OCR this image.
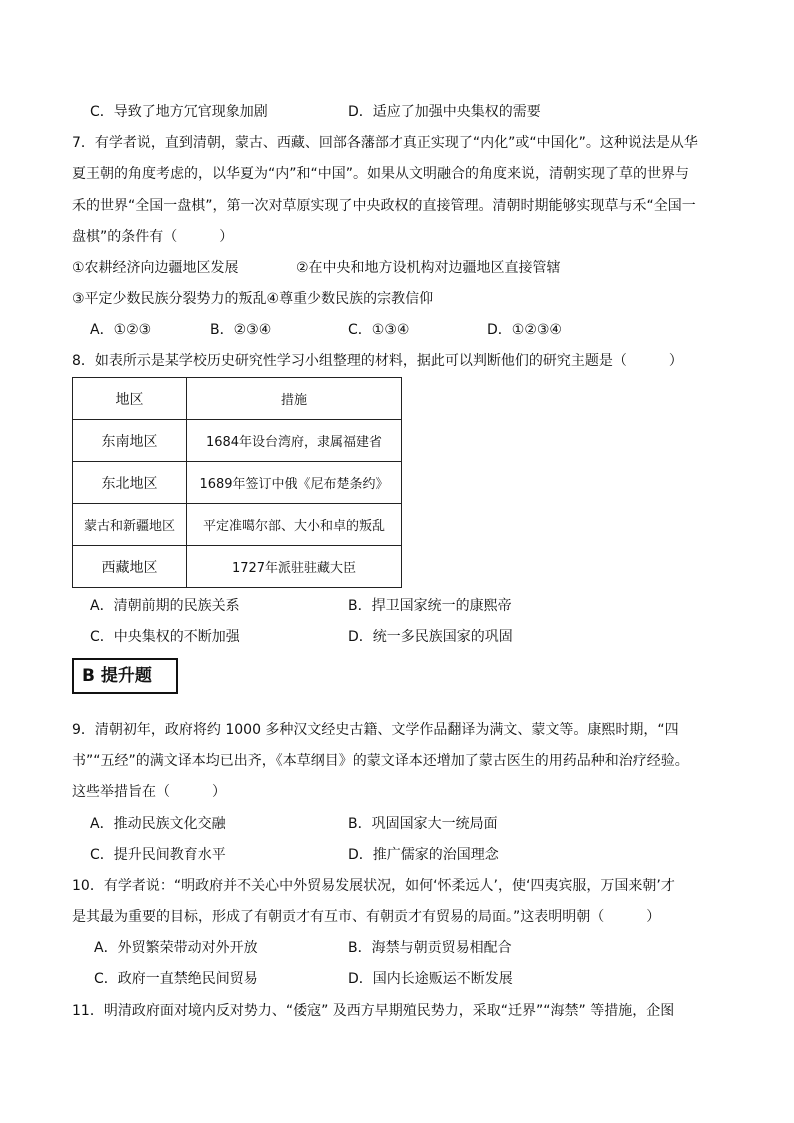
C．导致了地方冗官现象加剧	D．适应了加强中央集权的需要
7．有学者说，直到清朝，蒙古、西藏、回部各藩部才真正实现了“内化”或“中国化”。这种说法是从华
夏王朝的角度考虑的，以华夏为“内”和“中国”。如果从文明融合的角度来说，清朝实现了草的世界与
禾的世界“全国一盘棋”，第一次对草原实现了中央政权的直接管理。清朝时期能够实现草与禾“全国一
盘棋”的条件有（　　　）
①农耕经济向边疆地区发展	②在中央和地方设机构对边疆地区直接管辖
③平定少数民族分裂势力的叛乱④尊重少数民族的宗教信仰
A．①②③	B．②③④	C．①③④	D．①②③④
8．如表所示是某学校历史研究性学习小组整理的材料，据此可以判断他们的研究主题是（　　　）
地区	措施
东南地区	1684年设台湾府，隶属福建省
东北地区	1689年签订中俄《尼布楚条约》
蒙古和新疆地区	平定准噶尔部、大小和卓的叛乱
西藏地区	1727年派驻驻藏大臣
A．清朝前期的民族关系	B．捍卫国家统一的康熙帝
C．中央集权的不断加强	D．统一多民族国家的巩固
B 提升题
9．清朝初年，政府将约 1000 多种汉文经史古籍、文学作品翻译为满文、蒙文等。康熙时期，“四
书”“五经”的满文译本均已出齐，《本草纲目》的蒙文译本还增加了蒙古医生的用药品种和治疗经验。
这些举措旨在（　　　）
A．推动民族文化交融	B．巩固国家大一统局面
C．提升民间教育水平	D．推广儒家的治国理念
10．有学者说：“明政府并不关心中外贸易发展状况，如何‘怀柔远人’，使‘四夷宾服，万国来朝’才
是其最为重要的目标，形成了有朝贡才有互市、有朝贡才有贸易的局面。”这表明明朝（　　　）
A．外贸繁荣带动对外开放	B．海禁与朝贡贸易相配合
C．政府一直禁绝民间贸易	D．国内长途贩运不断发展
11．明清政府面对境内反对势力、“倭寇” 及西方早期殖民势力，采取“迁界”“海禁” 等措施，企图
